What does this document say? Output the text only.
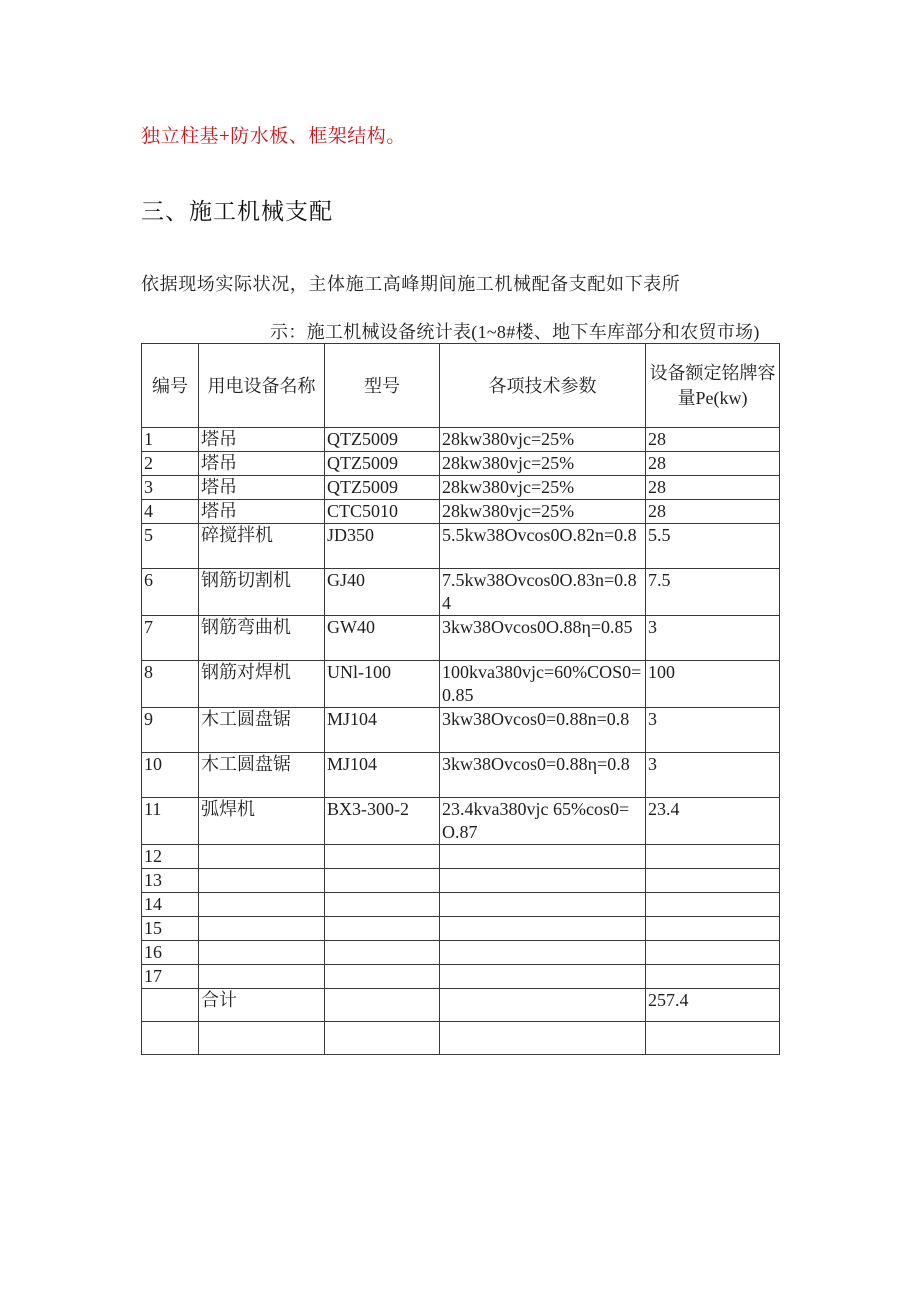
独立柱基+防水板、框架结构。
三、施工机械支配
依据现场实际状况，主体施工高峰期间施工机械配备支配如下表所
示：施工机械设备统计表(1~8#楼、地下车库部分和农贸市场)
编号	用电设备名称	型号	各项技术参数	设备额定铭牌容量Pe(kw)
1	塔吊	QTZ5009	28kw380vjc=25%	28
2	塔吊	QTZ5009	28kw380vjc=25%	28
3	塔吊	QTZ5009	28kw380vjc=25%	28
4	塔吊	CTC5010	28kw380vjc=25%	28
5	碎搅拌机	JD350	5.5kw38Ovcos0O.82n=0.8	5.5
6	钢筋切割机	GJ40	7.5kw38Ovcos0O.83n=0.84	7.5
7	钢筋弯曲机	GW40	3kw38Ovcos0O.88η=0.85	3
8	钢筋对焊机	UNl-100	100kva380vjc=60%COS0=0.85	100
9	木工圆盘锯	MJ104	3kw38Ovcos0=0.88n=0.8	3
10	木工圆盘锯	MJ104	3kw38Ovcos0=0.88η=0.8	3
11	弧焊机	BX3-300-2	23.4kva380vjc 65%cos0=O.87	23.4
12				
13				
14				
15				
16				
17				
	合计			257.4
